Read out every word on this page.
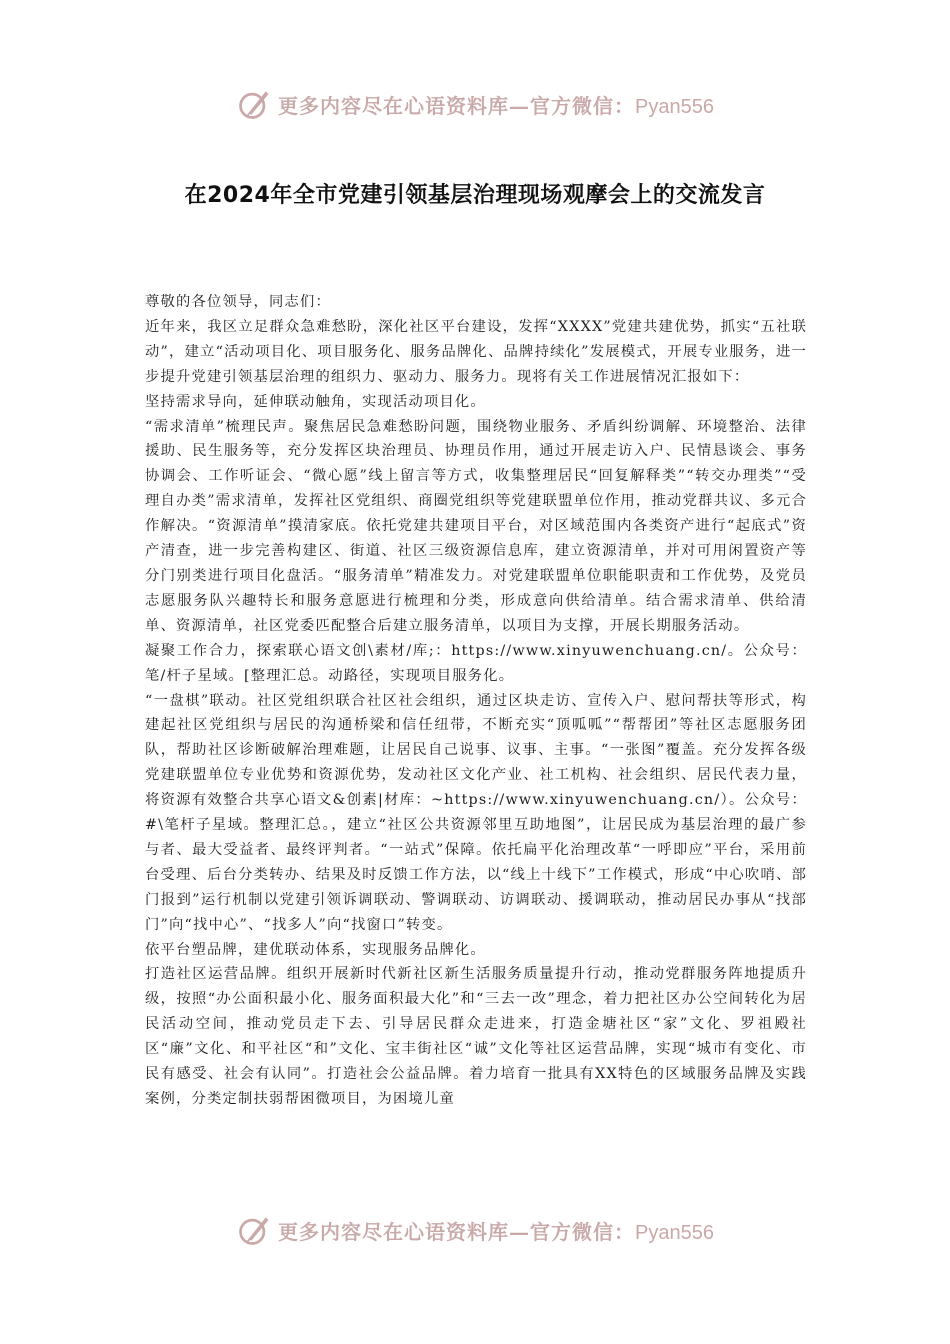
更多内容尽在心语资料库—官方微信：Pyan556
在2024年全市党建引领基层治理现场观摩会上的交流发言

尊敬的各位领导，同志们：

近年来，我区立足群众急难愁盼，深化社区平台建设，发挥“XXXX”党建共建优势，抓实“五社联动”，建立“活动项目化、项目服务化、服务品牌化、品牌持续化”发展模式，开展专业服务，进一步提升党建引领基层治理的组织力、驱动力、服务力。现将有关工作进展情况汇报如下：

坚持需求导向，延伸联动触角，实现活动项目化。

“需求清单”梳理民声。聚焦居民急难愁盼问题，围绕物业服务、矛盾纠纷调解、环境整治、法律援助、民生服务等，充分发挥区块治理员、协理员作用，通过开展走访入户、民情恳谈会、事务协调会、工作听证会、“微心愿”线上留言等方式，收集整理居民“回复解释类”“转交办理类”“受理自办类”需求清单，发挥社区党组织、商圈党组织等党建联盟单位作用，推动党群共议、多元合作解决。“资源清单”摸清家底。依托党建共建项目平台，对区域范围内各类资产进行“起底式”资产清查，进一步完善构建区、街道、社区三级资源信息库，建立资源清单，并对可用闲置资产等分门别类进行项目化盘活。“服务清单”精准发力。对党建联盟单位职能职责和工作优势，及党员志愿服务队兴趣特长和服务意愿进行梳理和分类，形成意向供给清单。结合需求清单、供给清单、资源清单，社区党委匹配整合后建立服务清单，以项目为支撑，开展长期服务活动。

凝聚工作合力，探索联心语文创\素材/库;：https://www.xinyuwenchuang.cn/。公众号：笔/杆子星域。[整理汇总。动路径，实现项目服务化。

“一盘棋”联动。社区党组织联合社区社会组织，通过区块走访、宣传入户、慰问帮扶等形式，构建起社区党组织与居民的沟通桥梁和信任纽带，不断充实“顶呱呱”“帮帮团”等社区志愿服务团队，帮助社区诊断破解治理难题，让居民自己说事、议事、主事。“一张图”覆盖。充分发挥各级党建联盟单位专业优势和资源优势，发动社区文化产业、社工机构、社会组织、居民代表力量，将资源有效整合共享心语文&创素|材库：~https://www.xinyuwenchuang.cn/）。公众号：#\笔杆子星域。整理汇总。，建立“社区公共资源邻里互助地图”，让居民成为基层治理的最广参与者、最大受益者、最终评判者。“一站式”保障。依托扁平化治理改革“一呼即应”平台，采用前台受理、后台分类转办、结果及时反馈工作方法，以“线上十线下”工作模式，形成“中心吹哨、部门报到”运行机制以党建引领诉调联动、警调联动、访调联动、援调联动，推动居民办事从“找部门”向“找中心”、“找多人”向“找窗口”转变。

依平台塑品牌，建优联动体系，实现服务品牌化。

打造社区运营品牌。组织开展新时代新社区新生活服务质量提升行动，推动党群服务阵地提质升级，按照“办公面积最小化、服务面积最大化”和“三去一改”理念，着力把社区办公空间转化为居民活动空间，推动党员走下去、引导居民群众走进来，打造金塘社区“家”文化、罗祖殿社区“廉”文化、和平社区“和”文化、宝丰街社区“诚”文化等社区运营品牌，实现“城市有变化、市民有感受、社会有认同”。打造社会公益品牌。着力培育一批具有XX特色的区域服务品牌及实践案例，分类定制扶弱帮困微项目，为困境儿童

更多内容尽在心语资料库—官方微信：Pyan556
